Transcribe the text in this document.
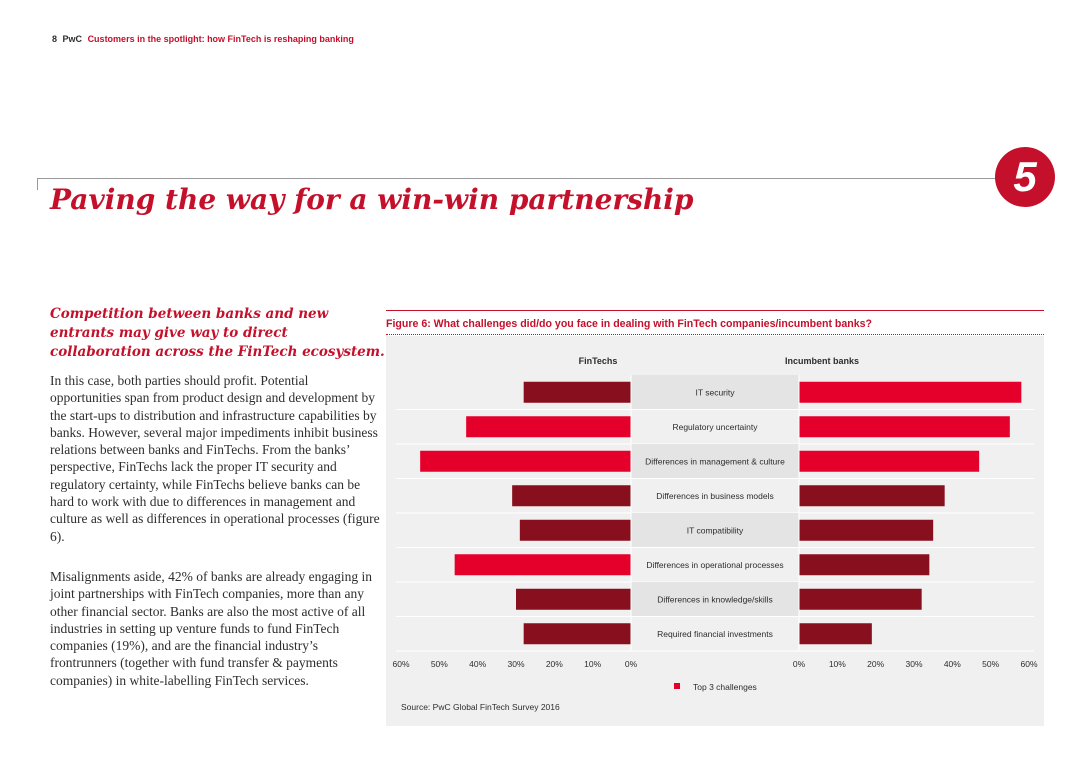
8 PwC Customers in the spotlight: how FinTech is reshaping banking
5
Paving the way for a win-win partnership

Competition between banks and new entrants may give way to direct collaboration across the FinTech ecosystem.

In this case, both parties should profit. Potential opportunities span from product design and development by the start-ups to distribution and infrastructure capabilities by banks. However, several major impediments inhibit business relations between banks and FinTechs. From the banks’ perspective, FinTechs lack the proper IT security and regulatory certainty, while FinTechs believe banks can be hard to work with due to differences in management and culture as well as differences in operational processes (figure 6).

Misalignments aside, 42% of banks are already engaging in joint partnerships with FinTech companies, more than any other financial sector. Banks are also the most active of all industries in setting up venture funds to fund FinTech companies (19%), and are the financial industry’s frontrunners (together with fund transfer & payments companies) in white-labelling FinTech services.

Figure 6: What challenges did/do you face in dealing with FinTech companies/incumbent banks?
IT security
Regulatory uncertainty
Differences in management & culture
Differences in business models
IT compatibility
Differences in operational processes
Differences in knowledge/skills
Required financial investments
60%	50%	40%	30%	20%	10%	0%	0%	10%	20%	30%	40%	50%	60%
FinTechs	Incumbent banks
Top 3 challenges
Source: PwC Global FinTech Survey 2016
